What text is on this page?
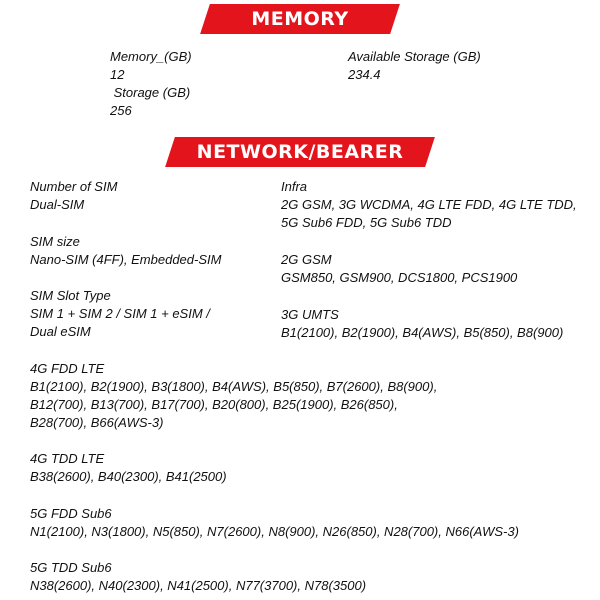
MEMORY
Memory_(GB)
12
Storage (GB)
256
Available Storage (GB)
234.4
NETWORK/BEARER
Number of SIM
Dual-SIM
SIM size
Nano-SIM (4FF), Embedded-SIM
SIM Slot Type
SIM 1 + SIM 2 / SIM 1 + eSIM /
Dual eSIM
Infra
2G GSM, 3G WCDMA, 4G LTE FDD, 4G LTE TDD,
5G Sub6 FDD, 5G Sub6 TDD
2G GSM
GSM850, GSM900, DCS1800, PCS1900
3G UMTS
B1(2100), B2(1900), B4(AWS), B5(850), B8(900)
4G FDD LTE
B1(2100), B2(1900), B3(1800), B4(AWS), B5(850), B7(2600), B8(900),
B12(700), B13(700), B17(700), B20(800), B25(1900), B26(850),
B28(700), B66(AWS-3)
4G TDD LTE
B38(2600), B40(2300), B41(2500)
5G FDD Sub6
N1(2100), N3(1800), N5(850), N7(2600), N8(900), N26(850), N28(700), N66(AWS-3)
5G TDD Sub6
N38(2600), N40(2300), N41(2500), N77(3700), N78(3500)
